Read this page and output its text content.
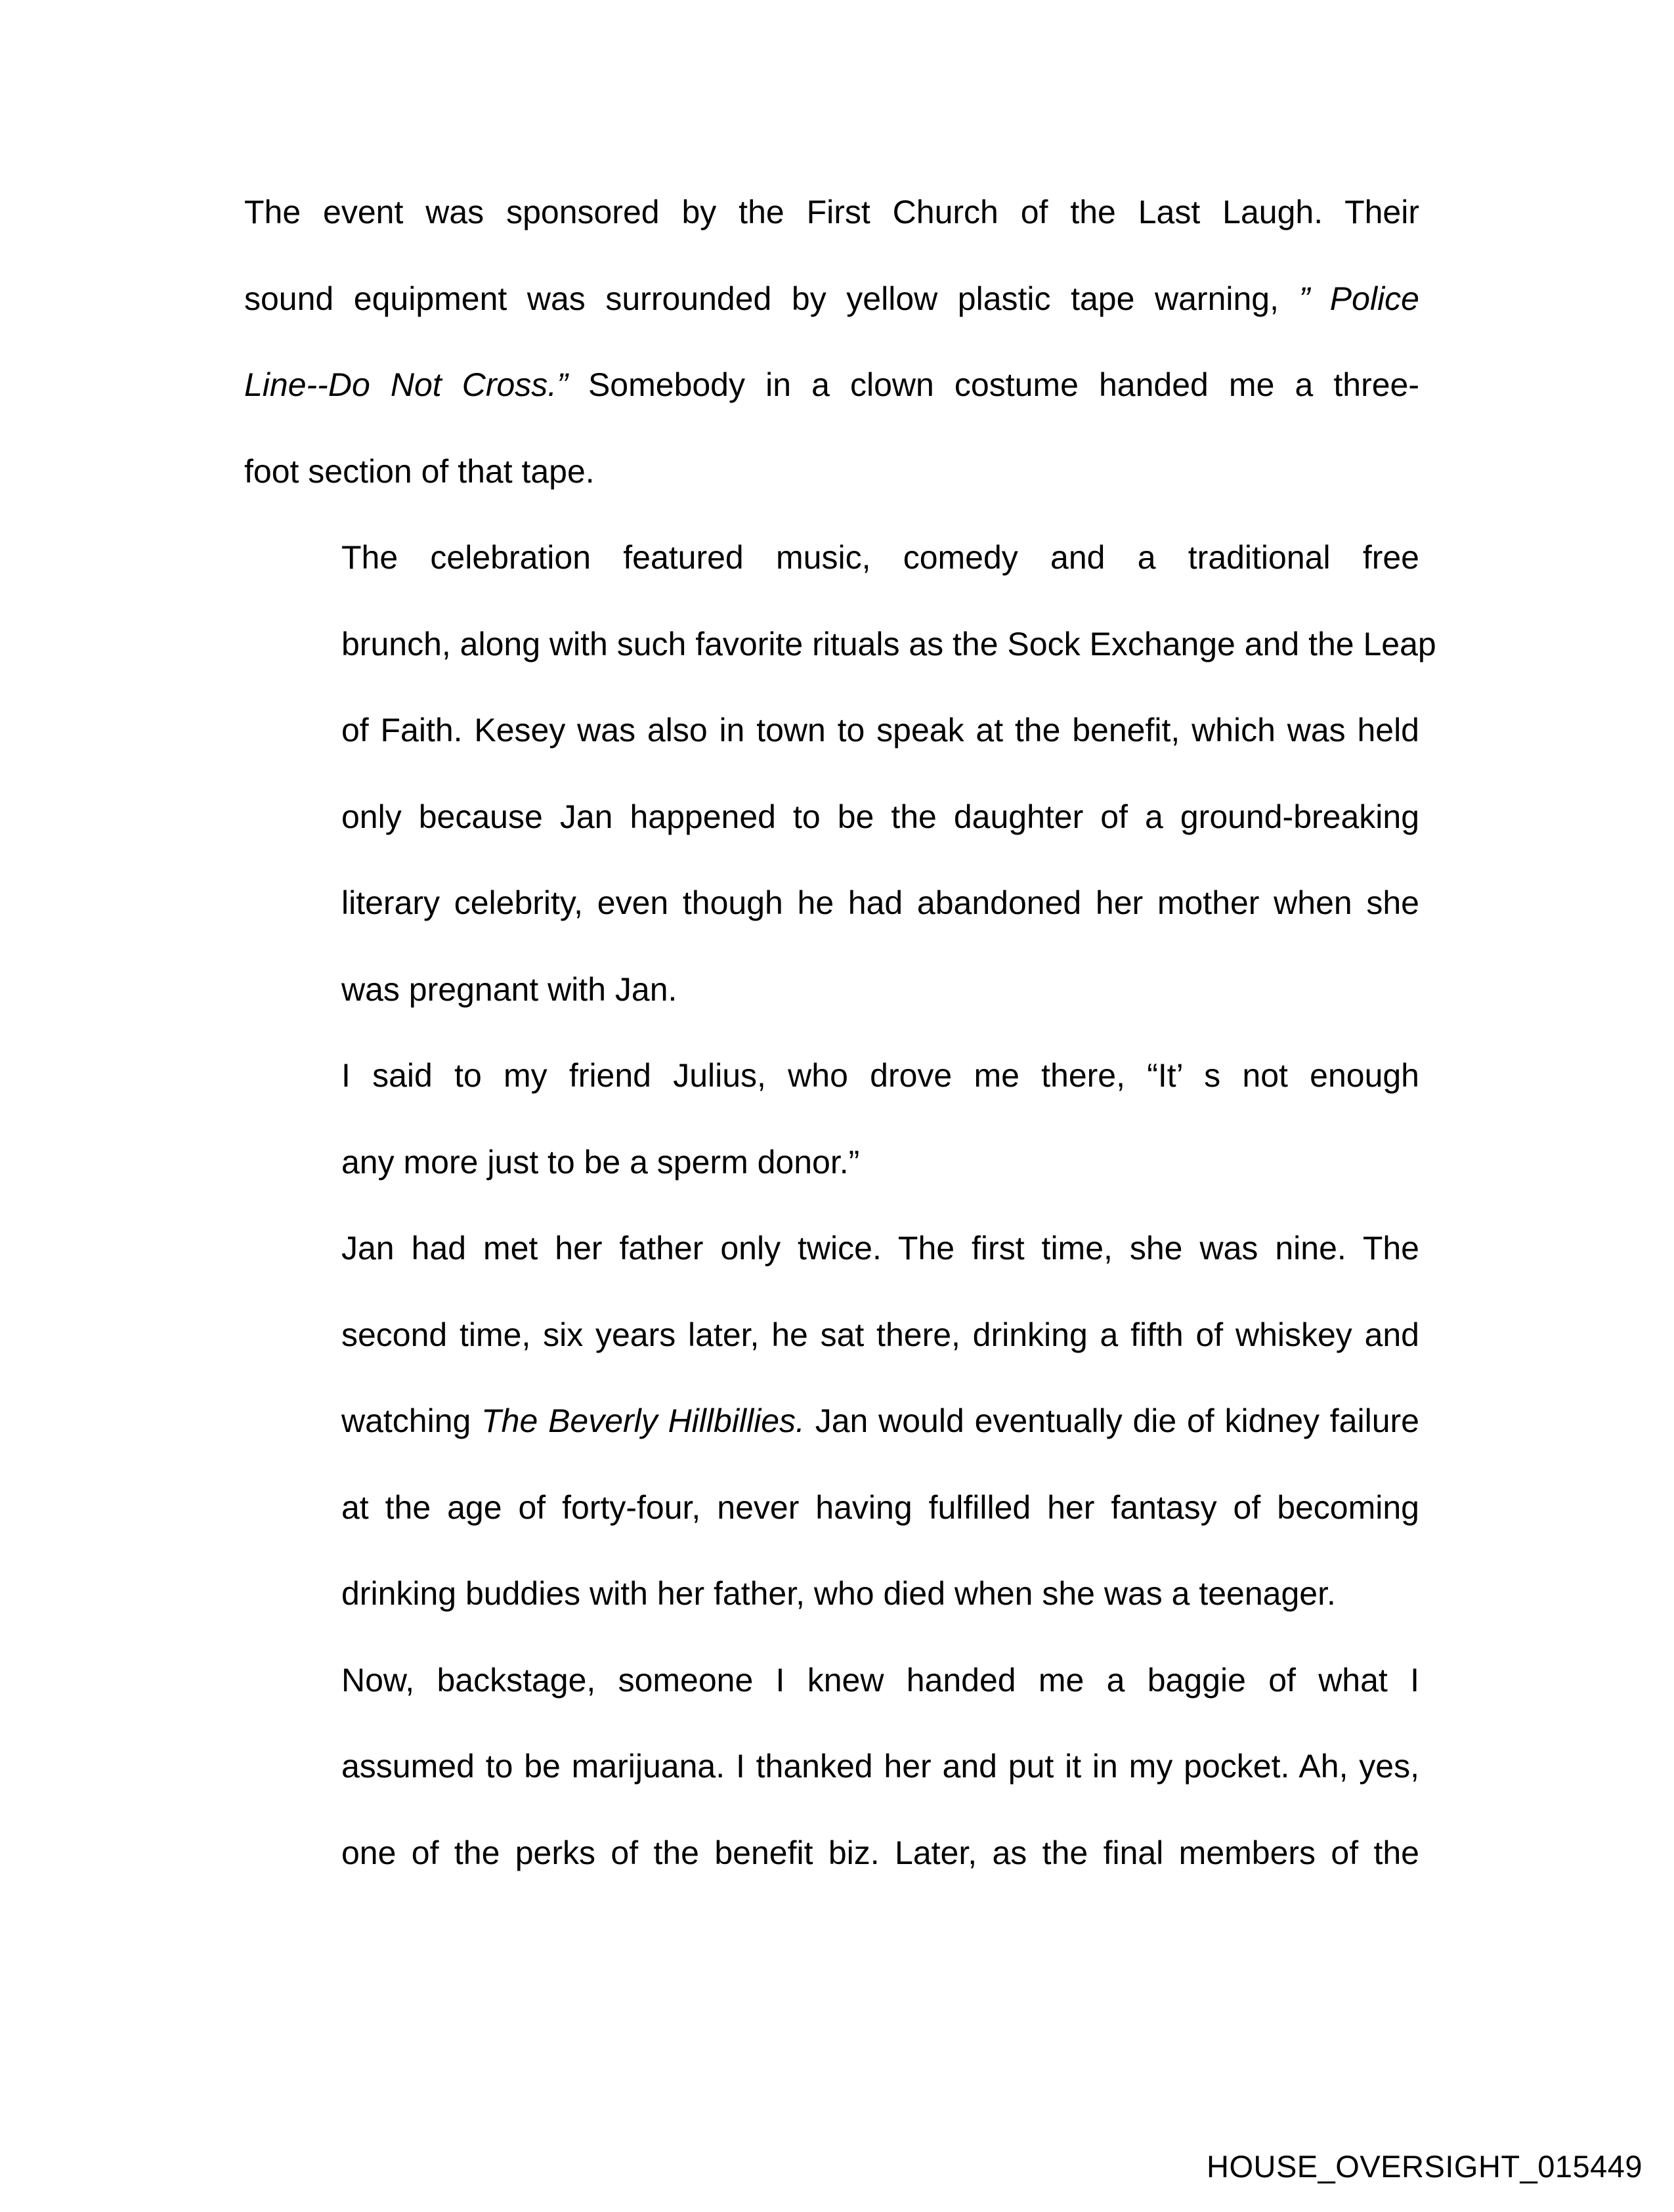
The event was sponsored by the First Church of the Last Laugh. Their
sound equipment was surrounded by yellow plastic tape warning, ” Police
Line--Do Not Cross.” Somebody in a clown costume handed me a three-
foot section of that tape.
The celebration featured music, comedy and a traditional free
brunch, along with such favorite rituals as the Sock Exchange and the Leap
of Faith. Kesey was also in town to speak at the benefit, which was held
only because Jan happened to be the daughter of a ground-breaking
literary celebrity, even though he had abandoned her mother when she
was pregnant with Jan.
I said to my friend Julius, who drove me there, “It’ s not enough
any more just to be a sperm donor.”
Jan had met her father only twice. The first time, she was nine. The
second time, six years later, he sat there, drinking a fifth of whiskey and
watching The Beverly Hillbillies. Jan would eventually die of kidney failure
at the age of forty-four, never having fulfilled her fantasy of becoming
drinking buddies with her father, who died when she was a teenager.
Now, backstage, someone I knew handed me a baggie of what I
assumed to be marijuana. I thanked her and put it in my pocket. Ah, yes,
one of the perks of the benefit biz. Later, as the final members of the
HOUSE_OVERSIGHT_015449
